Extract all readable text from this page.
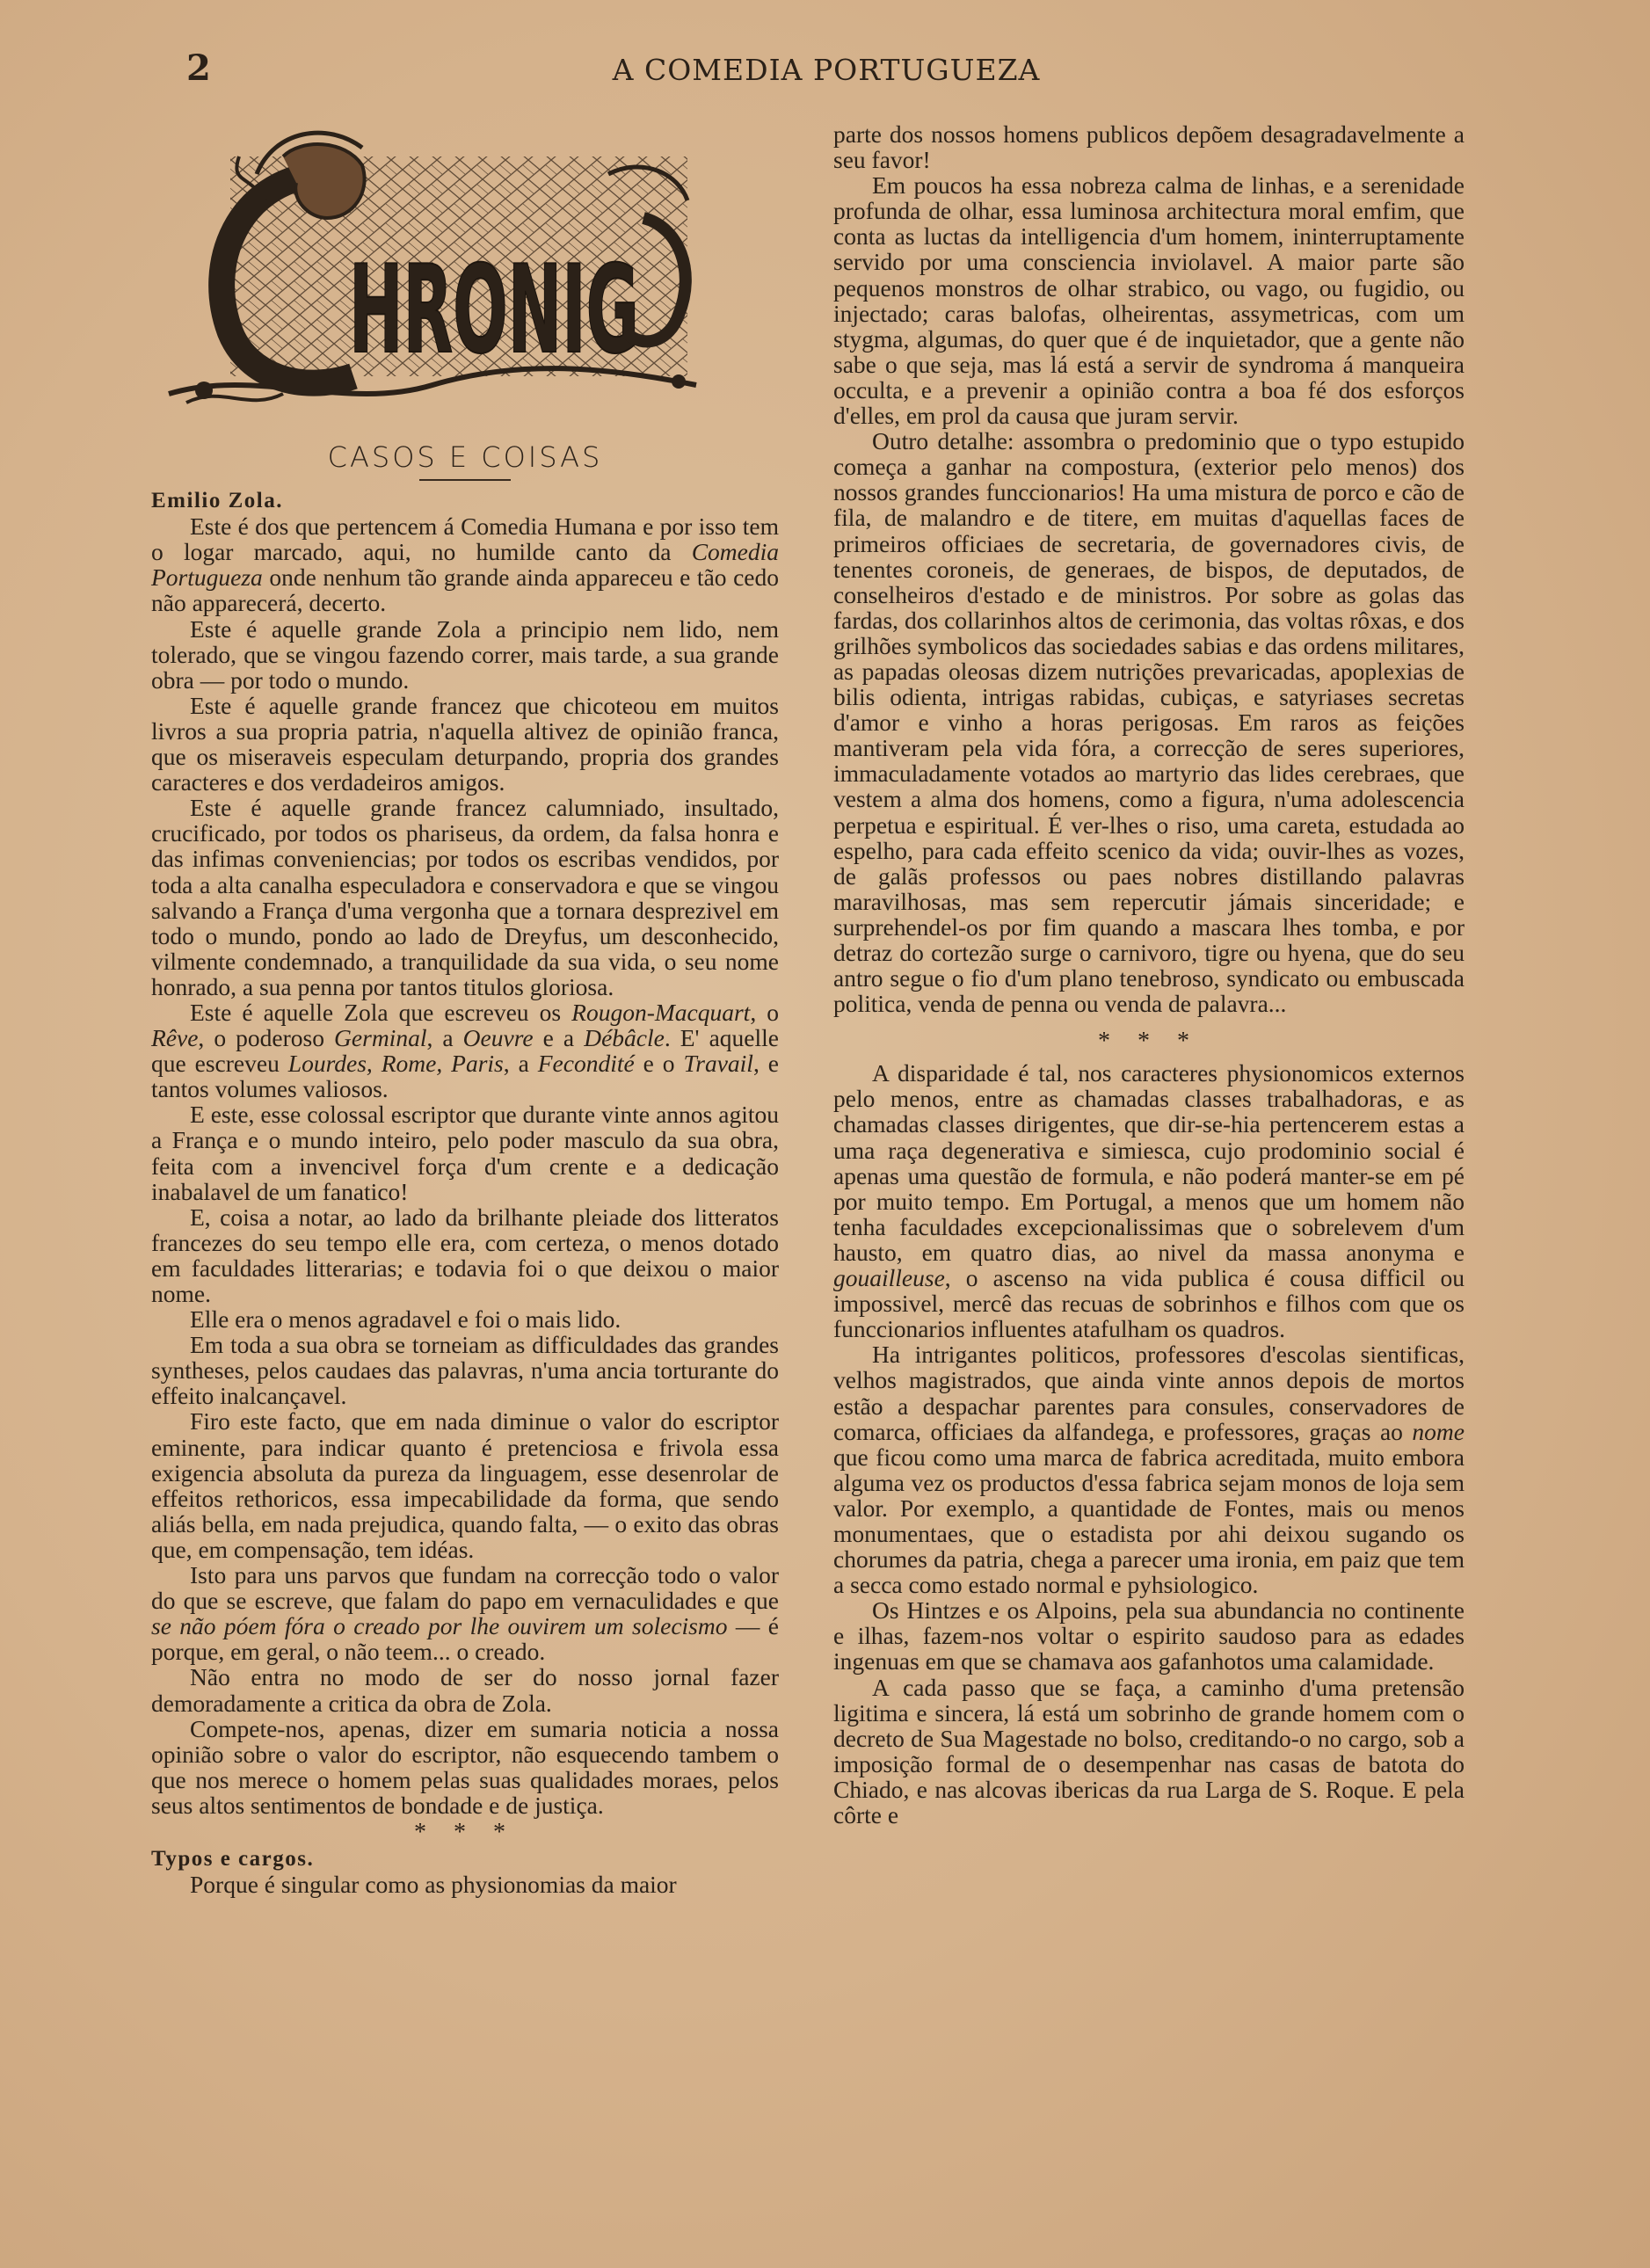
2	A COMEDIA PORTUGUEZA
HRONIG
CASOS E COISAS
Emilio Zola.

Este é dos que pertencem á Comedia Humana e por isso tem o logar marcado, aqui, no humilde canto da Comedia Portugueza onde nenhum tão grande ainda appareceu e tão cedo não apparecerá, decerto.

Este é aquelle grande Zola a principio nem lido, nem tolerado, que se vingou fazendo correr, mais tarde, a sua grande obra — por todo o mundo.

Este é aquelle grande francez que chicoteou em muitos livros a sua propria patria, n'aquella altivez de opinião franca, que os miseraveis especulam deturpando, propria dos grandes caracteres e dos verdadeiros amigos.

Este é aquelle grande francez calumniado, insultado, crucificado, por todos os phariseus, da ordem, da falsa honra e das infimas conveniencias; por todos os escribas vendidos, por toda a alta canalha especuladora e conservadora e que se vingou salvando a França d'uma vergonha que a tornara desprezivel em todo o mundo, pondo ao lado de Dreyfus, um desconhecido, vilmente condemnado, a tranquilidade da sua vida, o seu nome honrado, a sua penna por tantos titulos gloriosa.

Este é aquelle Zola que escreveu os Rougon-Macquart, o Rêve, o poderoso Germinal, a Oeuvre e a Débâcle. E' aquelle que escreveu Lourdes, Rome, Paris, a Fecondité e o Travail, e tantos volumes valiosos.

E este, esse colossal escriptor que durante vinte annos agitou a França e o mundo inteiro, pelo poder masculo da sua obra, feita com a invencivel força d'um crente e a dedicação inabalavel de um fanatico!

E, coisa a notar, ao lado da brilhante pleiade dos litteratos francezes do seu tempo elle era, com certeza, o menos dotado em faculdades litterarias; e todavia foi o que deixou o maior nome.

Elle era o menos agradavel e foi o mais lido.

Em toda a sua obra se torneiam as difficuldades das grandes syntheses, pelos caudaes das palavras, n'uma ancia torturante do effeito inalcançavel.

Firo este facto, que em nada diminue o valor do escriptor eminente, para indicar quanto é pretenciosa e frivola essa exigencia absoluta da pureza da linguagem, esse desenrolar de effeitos rethoricos, essa impecabilidade da forma, que sendo aliás bella, em nada prejudica, quando falta, — o exito das obras que, em compensação, tem idéas.

Isto para uns parvos que fundam na correcção todo o valor do que se escreve, que falam do papo em vernaculidades e que se não póem fóra o creado por lhe ouvirem um solecismo — é porque, em geral, o não teem... o creado.

Não entra no modo de ser do nosso jornal fazer demoradamente a critica da obra de Zola.

Compete-nos, apenas, dizer em sumaria noticia a nossa opinião sobre o valor do escriptor, não esquecendo tambem o que nos merece o homem pelas suas qualidades moraes, pelos seus altos sentimentos de bondade e de justiça.

* * *
Typos e cargos.

Porque é singular como as physionomias da maior

parte dos nossos homens publicos depõem desagradavelmente a seu favor!

Em poucos ha essa nobreza calma de linhas, e a serenidade profunda de olhar, essa luminosa architectura moral emfim, que conta as luctas da intelligencia d'um homem, ininterruptamente servido por uma consciencia inviolavel. A maior parte são pequenos monstros de olhar strabico, ou vago, ou fugidio, ou injectado; caras balofas, olheirentas, assymetricas, com um stygma, algumas, do quer que é de inquietador, que a gente não sabe o que seja, mas lá está a servir de syndroma á manqueira occulta, e a prevenir a opinião contra a boa fé dos esforços d'elles, em prol da causa que juram servir.

Outro detalhe: assombra o predominio que o typo estupido começa a ganhar na compostura, (exterior pelo menos) dos nossos grandes funccionarios! Ha uma mistura de porco e cão de fila, de malandro e de titere, em muitas d'aquellas faces de primeiros officiaes de secretaria, de governadores civis, de tenentes coroneis, de generaes, de bispos, de deputados, de conselheiros d'estado e de ministros. Por sobre as golas das fardas, dos collarinhos altos de cerimonia, das voltas rôxas, e dos grilhões symbolicos das sociedades sabias e das ordens militares, as papadas oleosas dizem nutrições prevaricadas, apoplexias de bilis odienta, intrigas rabidas, cubiças, e satyriases secretas d'amor e vinho a horas perigosas. Em raros as feições mantiveram pela vida fóra, a correcção de seres superiores, immaculadamente votados ao martyrio das lides cerebraes, que vestem a alma dos homens, como a figura, n'uma adolescencia perpetua e espiritual. É ver-lhes o riso, uma careta, estudada ao espelho, para cada effeito scenico da vida; ouvir-lhes as vozes, de galãs professos ou paes nobres distillando palavras maravilhosas, mas sem repercutir jámais sinceridade; e surprehendel-os por fim quando a mascara lhes tomba, e por detraz do cortezão surge o carnivoro, tigre ou hyena, que do seu antro segue o fio d'um plano tenebroso, syndicato ou embuscada politica, venda de penna ou venda de palavra...

* * *

A disparidade é tal, nos caracteres physionomicos externos pelo menos, entre as chamadas classes trabalhadoras, e as chamadas classes dirigentes, que dir-se-hia pertencerem estas a uma raça degenerativa e simiesca, cujo prodominio social é apenas uma questão de formula, e não poderá manter-se em pé por muito tempo. Em Portugal, a menos que um homem não tenha faculdades excepcionalissimas que o sobrelevem d'um hausto, em quatro dias, ao nivel da massa anonyma e gouailleuse, o ascenso na vida publica é cousa difficil ou impossivel, mercê das recuas de sobrinhos e filhos com que os funccionarios influentes atafulham os quadros.

Ha intrigantes politicos, professores d'escolas sientificas, velhos magistrados, que ainda vinte annos depois de mortos estão a despachar parentes para consules, conservadores de comarca, officiaes da alfandega, e professores, graças ao nome que ficou como uma marca de fabrica acreditada, muito embora alguma vez os productos d'essa fabrica sejam monos de loja sem valor. Por exemplo, a quantidade de Fontes, mais ou menos monumentaes, que o estadista por ahi deixou sugando os chorumes da patria, chega a parecer uma ironia, em paiz que tem a secca como estado normal e pyhsiologico.

Os Hintzes e os Alpoins, pela sua abundancia no continente e ilhas, fazem-nos voltar o espirito saudoso para as edades ingenuas em que se chamava aos gafanhotos uma calamidade.

A cada passo que se faça, a caminho d'uma pretensão ligitima e sincera, lá está um sobrinho de grande homem com o decreto de Sua Magestade no bolso, creditando-o no cargo, sob a imposição formal de o desempenhar nas casas de batota do Chiado, e nas alcovas ibericas da rua Larga de S. Roque. E pela côrte e
